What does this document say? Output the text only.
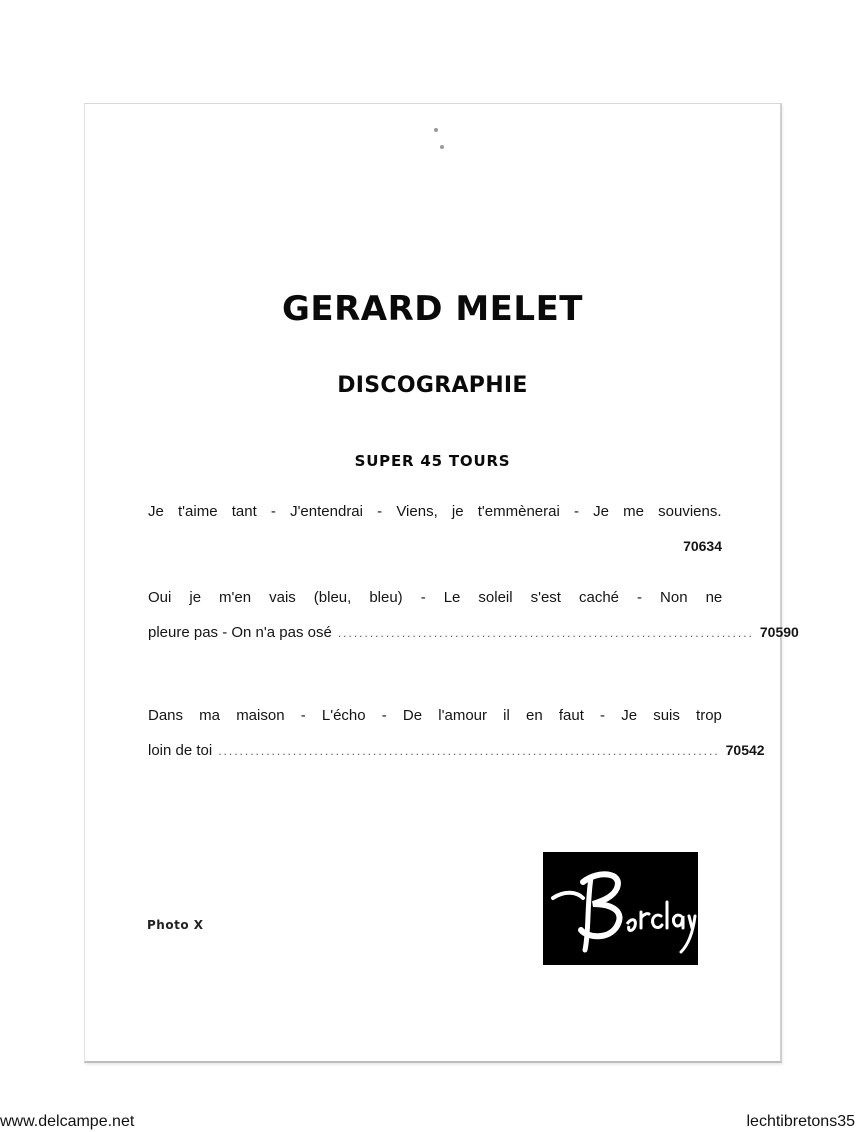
GERARD MELET
DISCOGRAPHIE
SUPER 45 TOURS
Je t'aime tant - J'entendrai - Viens, je t'emmènerai - Je me souviens.
70634
Oui je m'en vais (bleu, bleu) - Le soleil s'est caché - Non ne
pleure pas - On n'a pas osé .............................................................................. 70590
Dans ma maison - L'écho - De l'amour il en faut - Je suis trop
loin de toi .............................................................................................. 70542
Photo X
www.delcampe.net	lechtibretons35
